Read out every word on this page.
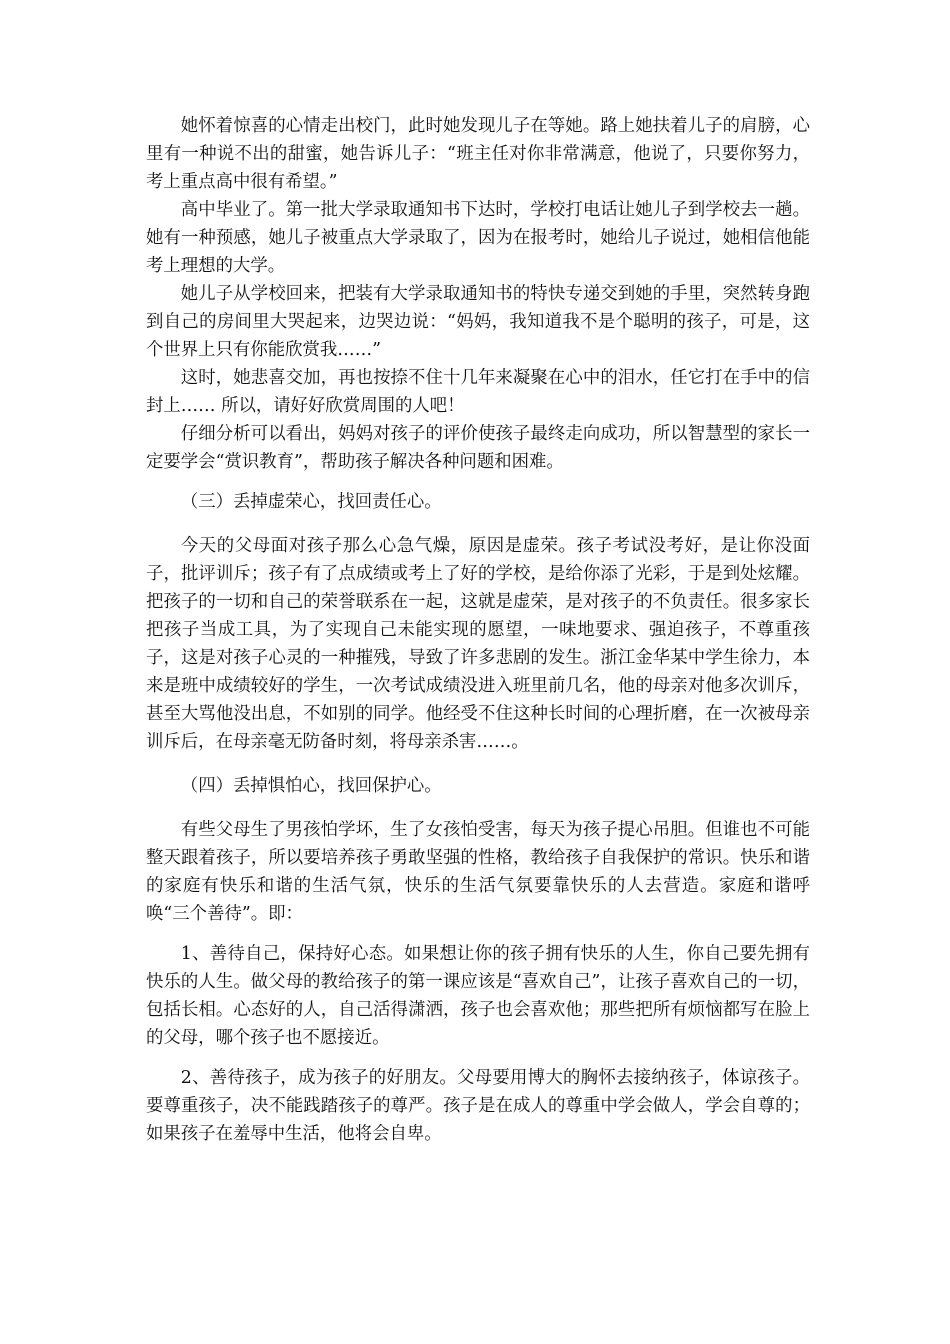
她怀着惊喜的心情走出校门，此时她发现儿子在等她。路上她扶着儿子的肩膀，心里有一种说不出的甜蜜，她告诉儿子：“班主任对你非常满意，他说了，只要你努力，考上重点高中很有希望。”

高中毕业了。第一批大学录取通知书下达时，学校打电话让她儿子到学校去一趟。她有一种预感，她儿子被重点大学录取了，因为在报考时，她给儿子说过，她相信他能考上理想的大学。

她儿子从学校回来，把装有大学录取通知书的特快专递交到她的手里，突然转身跑到自己的房间里大哭起来，边哭边说：“妈妈，我知道我不是个聪明的孩子，可是，这个世界上只有你能欣赏我……”

这时，她悲喜交加，再也按捺不住十几年来凝聚在心中的泪水，任它打在手中的信封上…… 所以，请好好欣赏周围的人吧！

仔细分析可以看出，妈妈对孩子的评价使孩子最终走向成功，所以智慧型的家长一定要学会“赏识教育”，帮助孩子解决各种问题和困难。

（三）丢掉虚荣心，找回责任心。

今天的父母面对孩子那么心急气燥，原因是虚荣。孩子考试没考好，是让你没面子，批评训斥；孩子有了点成绩或考上了好的学校，是给你添了光彩，于是到处炫耀。把孩子的一切和自己的荣誉联系在一起，这就是虚荣，是对孩子的不负责任。很多家长把孩子当成工具，为了实现自己未能实现的愿望，一味地要求、强迫孩子，不尊重孩子，这是对孩子心灵的一种摧残，导致了许多悲剧的发生。浙江金华某中学生徐力，本来是班中成绩较好的学生，一次考试成绩没进入班里前几名，他的母亲对他多次训斥，甚至大骂他没出息，不如别的同学。他经受不住这种长时间的心理折磨，在一次被母亲训斥后，在母亲毫无防备时刻，将母亲杀害……。

（四）丢掉惧怕心，找回保护心。

有些父母生了男孩怕学坏，生了女孩怕受害，每天为孩子提心吊胆。但谁也不可能整天跟着孩子，所以要培养孩子勇敢坚强的性格，教给孩子自我保护的常识。快乐和谐的家庭有快乐和谐的生活气氛，快乐的生活气氛要靠快乐的人去营造。家庭和谐呼唤“三个善待”。即：

1、善待自己，保持好心态。如果想让你的孩子拥有快乐的人生，你自己要先拥有快乐的人生。做父母的教给孩子的第一课应该是“喜欢自己”，让孩子喜欢自己的一切，包括长相。心态好的人，自己活得潇洒，孩子也会喜欢他；那些把所有烦恼都写在脸上的父母，哪个孩子也不愿接近。

2、善待孩子，成为孩子的好朋友。父母要用博大的胸怀去接纳孩子，体谅孩子。要尊重孩子，决不能践踏孩子的尊严。孩子是在成人的尊重中学会做人，学会自尊的；如果孩子在羞辱中生活，他将会自卑。
